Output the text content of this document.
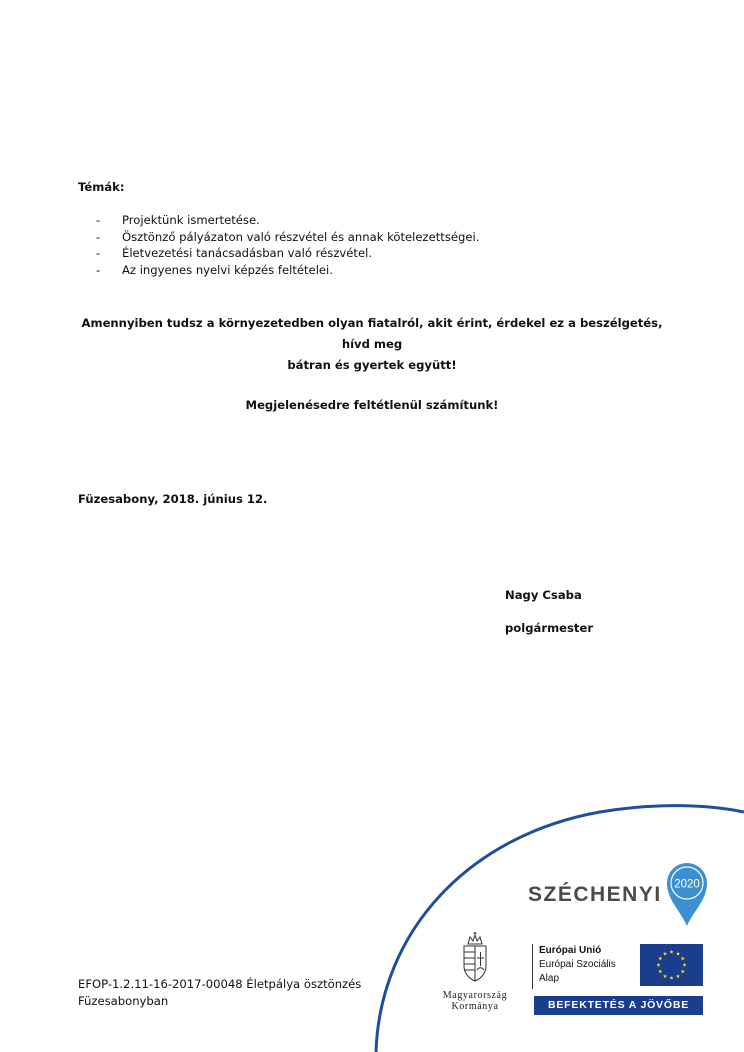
Témák:
-	Projektünk ismertetése.
-	Ösztönző pályázaton való részvétel és annak kötelezettségei.
-	Életvezetési tanácsadásban való részvétel.
-	Az ingyenes nyelvi képzés feltételei.
Amennyiben tudsz a környezetedben olyan fiatalról, akit érint, érdekel ez a beszélgetés, hívd meg
bátran és gyertek együtt!
Megjelenésedre feltétlenül számítunk!
Füzesabony, 2018. június 12.
Nagy Csaba
polgármester
EFOP-1.2.11-16-2017-00048 Életpálya ösztönzés
Füzesabonyban
SZÉCHENYI 2020
Magyarország
Kormánya
Európai Unió
Európai Szociális
Alap
BEFEKTETÉS A JÖVŐBE
